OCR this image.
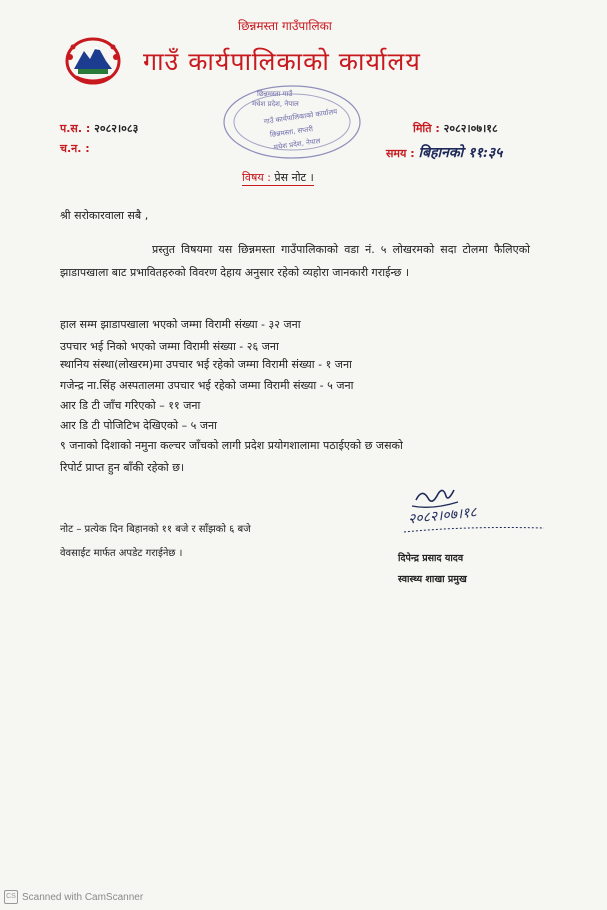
छिन्नमस्ता गाउँपालिका
गाउँ कार्यपालिकाको कार्यालय
छिन्नमस्ता गाउँ
मधेश प्रदेश, नेपाल
गाउँ कार्यपालिकाको कार्यालय
छिन्नमस्ता, सप्तरी
मधेश प्रदेश, नेपाल
प.स. : २०८२।०८३
च.न. :
मिति : २०८२।०७।१८
समय : बिहानको ११:३५
विषय : प्रेस नोट ।
श्री सरोकारवाला सबै ,
प्रस्तुत विषयमा यस छिन्नमस्ता गाउँपालिकाको वडा नं. ५ लोखरमको सदा टोलमा फैलिएको झाडापखाला बाट प्रभावितहरुको विवरण देहाय अनुसार रहेको व्यहोरा जानकारी गराईन्छ ।
हाल सम्म झाडापखाला भएको जम्मा विरामी संख्या - ३२ जना
उपचार भई निको भएको जम्मा विरामी संख्या - २६ जना
स्थानिय संस्था(लोखरम)मा उपचार भई रहेको जम्मा विरामी संख्या - १ जना
गजेन्द्र ना.सिंह अस्पतालमा उपचार भई रहेको जम्मा विरामी संख्या - ५ जना
आर डि टी जाँच गरिएको – ११ जना
आर डि टी पोजिटिभ देखिएको – ५ जना
९ जनाको दिशाको नमुना कल्चर जाँचको लागी प्रदेश प्रयोगशालामा पठाईएको छ जसको
रिपोर्ट प्राप्त हुन बाँकी रहेको छ।
२०८२।०७।१८
दिपेन्द्र प्रसाद यादव
स्वास्थ्य शाखा प्रमुख
नोट – प्रत्येक दिन बिहानको ११ बजे र साँझको ६ बजे
वेवसाईट मार्फत अपडेट गराईनेछ ।
CS Scanned with CamScanner
